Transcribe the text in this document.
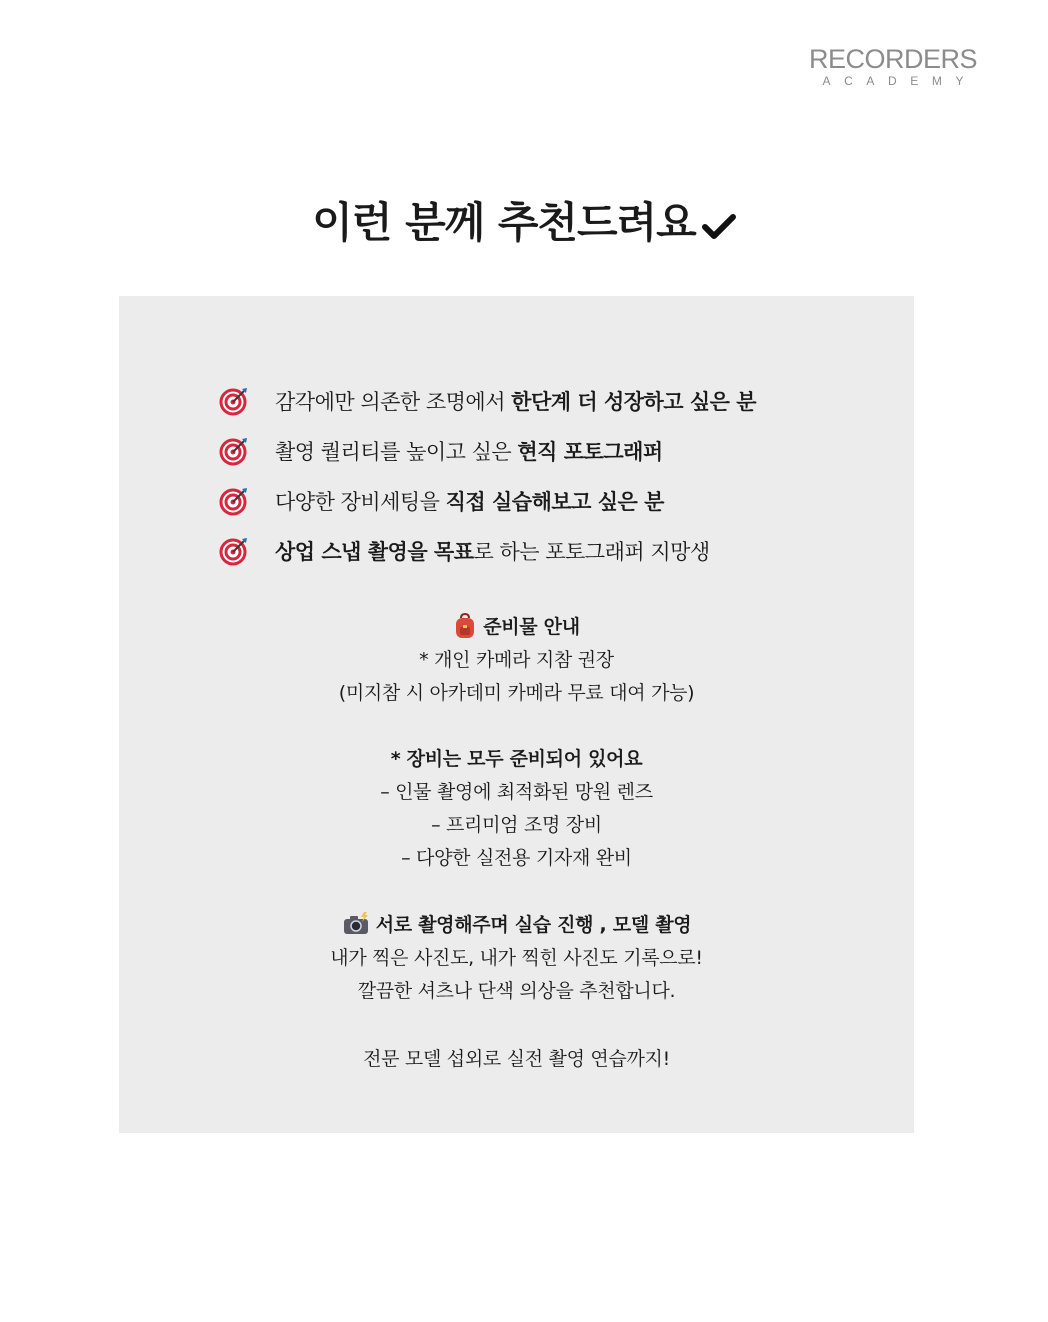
RECORDERS
ACADEMY
이런 분께 추천드려요
감각에만 의존한 조명에서 한단계 더 성장하고 싶은 분
촬영 퀄리티를 높이고 싶은 현직 포토그래퍼
다양한 장비세팅을 직접 실습해보고 싶은 분
상업 스냅 촬영을 목표로 하는 포토그래퍼 지망생
준비물 안내
* 개인 카메라 지참 권장
(미지참 시 아카데미 카메라 무료 대여 가능)
* 장비는 모두 준비되어 있어요
– 인물 촬영에 최적화된 망원 렌즈
– 프리미엄 조명 장비
– 다양한 실전용 기자재 완비
서로 촬영해주며 실습 진행 , 모델 촬영
내가 찍은 사진도, 내가 찍힌 사진도 기록으로!
깔끔한 셔츠나 단색 의상을 추천합니다.
전문 모델 섭외로 실전 촬영 연습까지!
